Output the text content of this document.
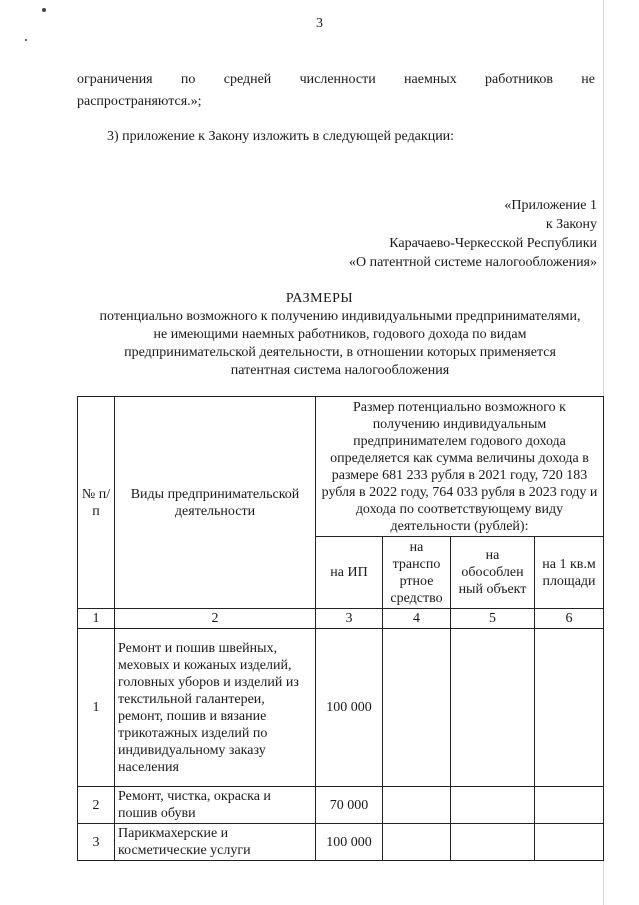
3
ограничения по средней численности наемных работников не
распространяются.»;
3) приложение к Закону изложить в следующей редакции:
«Приложение 1
к Закону
Карачаево-Черкесской Республики
«О патентной системе налогообложения»
РАЗМЕРЫ
потенциально возможного к получению индивидуальными предпринимателями,
не имеющими наемных работников, годового дохода по видам
предпринимательской деятельности, в отношении которых применяется
патентная система налогообложения
№ п/п	Виды предпринимательской деятельности	Размер потенциально возможного к получению индивидуальным предпринимателем годового дохода определяется как сумма величины дохода в размере 681 233 рубля в 2021 году, 720 183 рубля в 2022 году, 764 033 рубля в 2023 году и дохода по соответствующему виду деятельности (рублей):			
		на ИП	на транспо ртное средство	на обособлен ный объект	на 1 кв.м площади
1	2	3	4	5	6
1	Ремонт и пошив швейных, меховых и кожаных изделий, головных уборов и изделий из текстильной галантереи, ремонт, пошив и вязание трикотажных изделий по индивидуальному заказу населения	100 000			
2	Ремонт, чистка, окраска и пошив обуви	70 000			
3	Парикмахерские и косметические услуги	100 000			
